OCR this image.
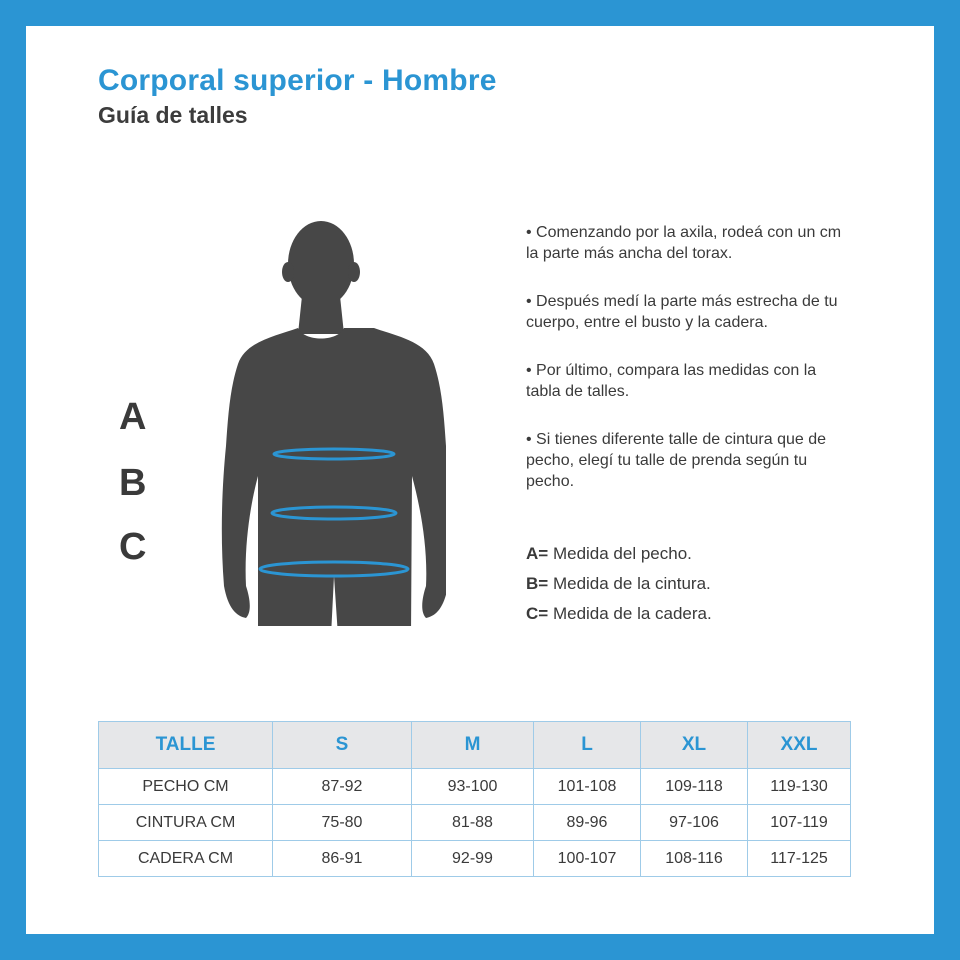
Corporal superior - Hombre
Guía de talles
A
B
C

• Comenzando por la axila, rodeá con un cm la parte más ancha del torax.

• Después medí la parte más estrecha de tu cuerpo, entre el busto y la cadera.

• Por último, compara las medidas con la tabla de talles.

• Si tienes diferente talle de cintura que de pecho, elegí tu talle de prenda según tu pecho.

A= Medida del pecho.
B= Medida de la cintura.
C= Medida de la cadera.
TALLE	S	M	L	XL	XXL
PECHO CM	87-92	93-100	101-108	109-118	119-130
CINTURA CM	75-80	81-88	89-96	97-106	107-119
CADERA CM	86-91	92-99	100-107	108-116	117-125
